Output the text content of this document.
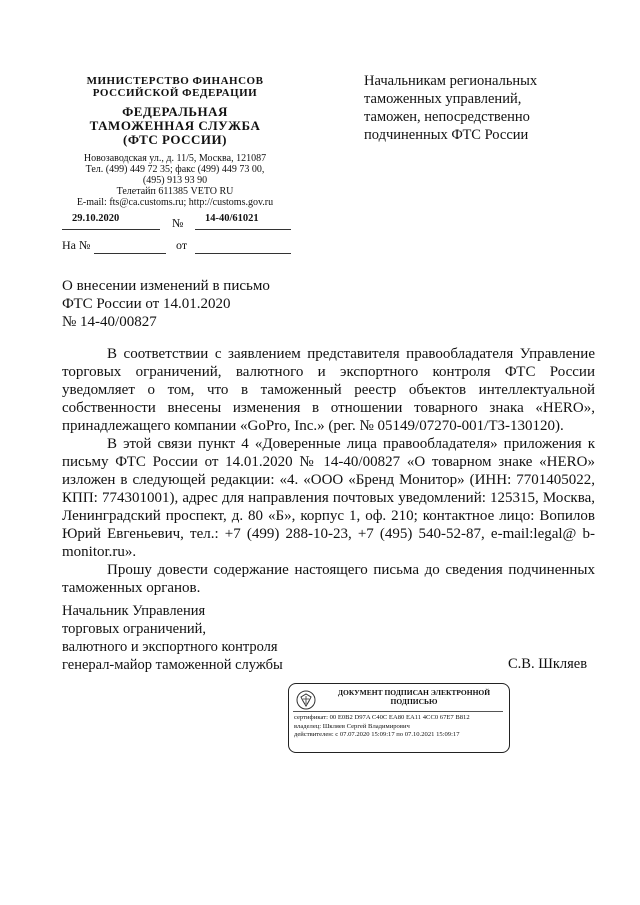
МИНИСТЕРСТВО ФИНАНСОВ
РОССИЙСКОЙ ФЕДЕРАЦИИ
ФЕДЕРАЛЬНАЯ
ТАМОЖЕННАЯ СЛУЖБА
(ФТС РОССИИ)
Новозаводская ул., д. 11/5, Москва, 121087
Тел. (499) 449 72 35; факс (499) 449 73 00,
(495) 913 93 90
Телетайп 611385 VETO RU
E-mail: fts@ca.customs.ru; http://customs.gov.ru
29.10.2020	№ 14-40/61021
На №	от
Начальникам региональных
таможенных управлений,
таможен, непосредственно
подчиненных ФТС России
О внесении изменений в письмо
ФТС России от 14.01.2020
№ 14-40/00827

В соответствии с заявлением представителя правообладателя Управление торговых ограничений, валютного и экспортного контроля ФТС России уведомляет о том, что в таможенный реестр объектов интеллектуальной собственности внесены изменения в отношении товарного знака «HERO», принадлежащего компании «GoPro, Inc.» (рег. № 05149/07270-001/ТЗ-130120).

В этой связи пункт 4 «Доверенные лица правообладателя» приложения к письму ФТС России от 14.01.2020 № 14-40/00827 «О товарном знаке «HERO» изложен в следующей редакции: «4. «ООО «Бренд Монитор» (ИНН: 7701405022, КПП: 774301001), адрес для направления почтовых уведомлений: 125315, Москва, Ленинградский проспект, д. 80 «Б», корпус 1, оф. 210; контактное лицо: Вопилов Юрий Евгеньевич, тел.: +7 (499) 288-10-23, +7 (495) 540-52-87, e-mail:legal@ b-monitor.ru».

Прошу довести содержание настоящего письма до сведения подчиненных таможенных органов.

Начальник Управления
торговых ограничений,
валютного и экспортного контроля
генерал-майор таможенной службы	С.В. Шкляев
ДОКУМЕНТ ПОДПИСАН ЭЛЕКТРОННОЙ
ПОДПИСЬЮ
сертификат: 00 E0B2 D97A C40C EA80 EA11 4CC0 67E7 B812
владелец: Шкляев Сергей Владимирович
действителен: с 07.07.2020 15:09:17 по 07.10.2021 15:09:17
